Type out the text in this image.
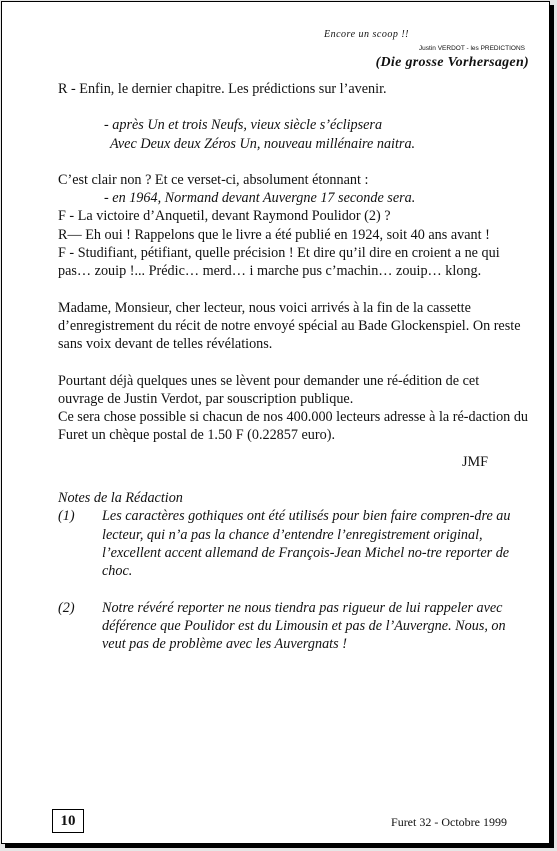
Encore un scoop !!
Justin VERDOT - les PREDICTIONS
(Die grosse Vorhersagen)

R - Enfin, le dernier chapitre. Les prédictions sur l’avenir.

- après Un et trois Neufs, vieux siècle s’éclipsera

Avec Deux deux Zéros Un, nouveau millénaire naitra.

C’est clair non ? Et ce verset-ci, absolument étonnant :

- en 1964, Normand devant Auvergne 17 seconde sera.

F - La victoire d’Anquetil, devant Raymond Poulidor (2) ?

R— Eh oui ! Rappelons que le livre a été publié en 1924, soit 40 ans avant !

F - Studifiant, pétifiant, quelle précision ! Et dire qu’il dire en croient a ne qui pas… zouip !... Prédic… merd… i marche pus c’machin… zouip… klong.

Madame, Monsieur, cher lecteur, nous voici arrivés à la fin de la cassette d’enregistrement du récit de notre envoyé spécial au Bade Glockenspiel. On reste sans voix devant de telles révélations.

Pourtant déjà quelques unes se lèvent pour demander une ré-édition de cet ouvrage de Justin Verdot, par souscription publique.

Ce sera chose possible si chacun de nos 400.000 lecteurs adresse à la ré-daction du Furet un chèque postal de 1.50 F (0.22857 euro).

JMF

Notes de la Rédaction

(1)	Les caractères gothiques ont été utilisés pour bien faire compren-dre au lecteur, qui n’a pas la chance d’entendre l’enregistrement original, l’excellent accent allemand de François-Jean Michel no-tre reporter de choc.
(2)	Notre révéré reporter ne nous tiendra pas rigueur de lui rappeler avec déférence que Poulidor est du Limousin et pas de l’Auvergne. Nous, on veut pas de problème avec les Auvergnats !
10	Furet 32 - Octobre 1999
